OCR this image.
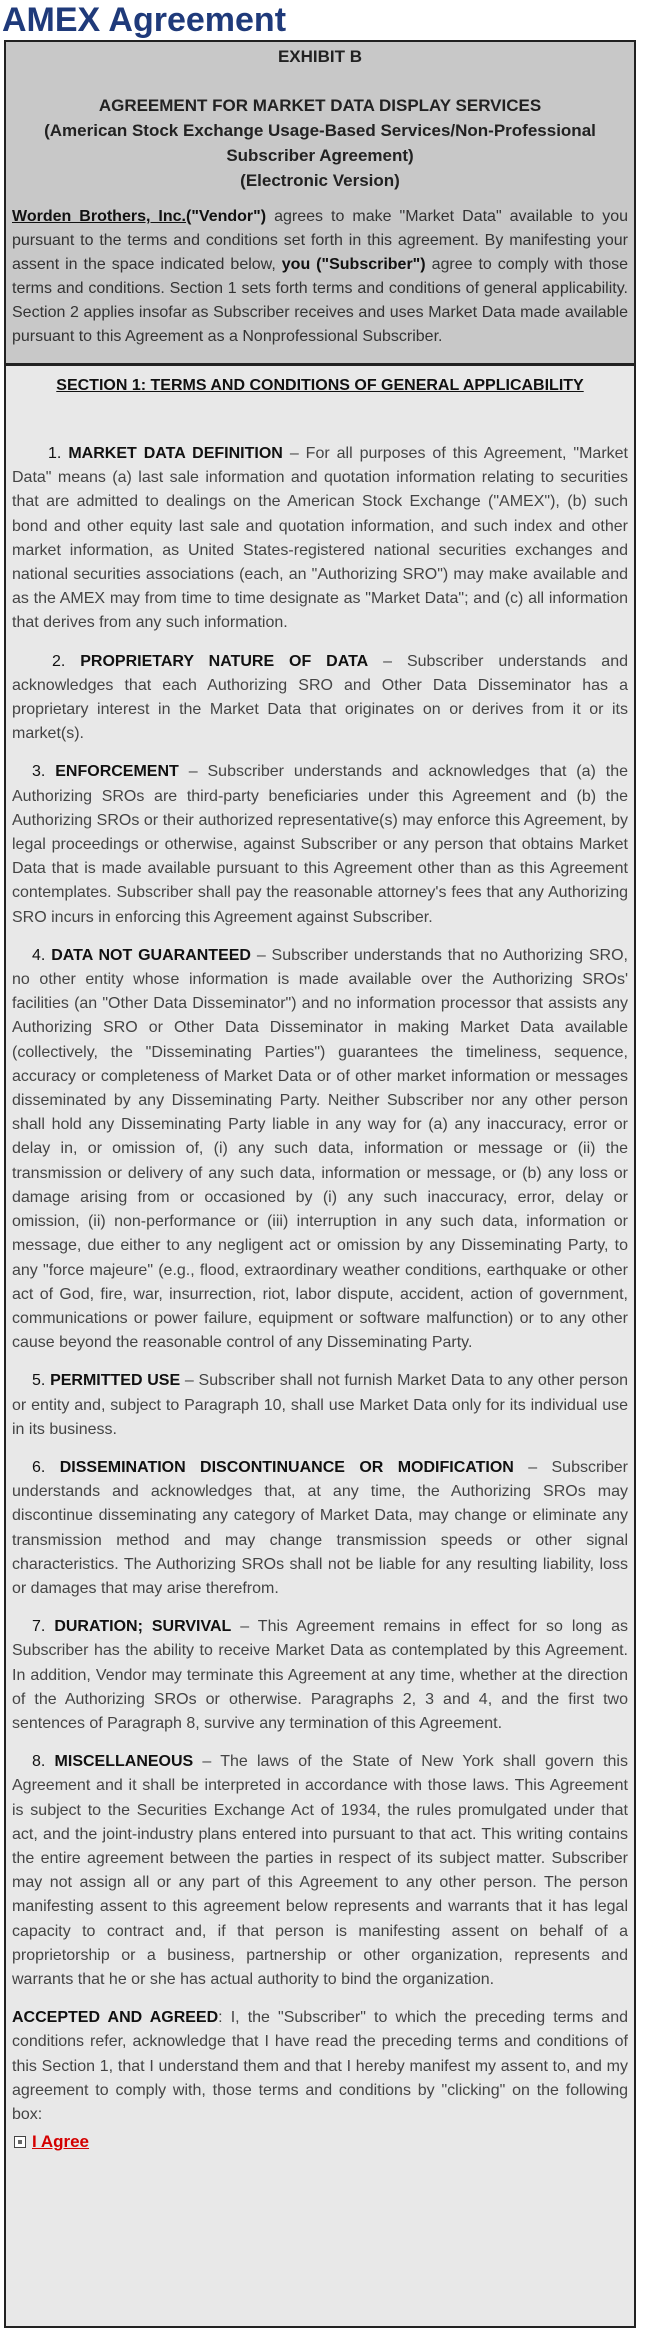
AMEX Agreement

EXHIBIT B

AGREEMENT FOR MARKET DATA DISPLAY SERVICES

(American Stock Exchange Usage-Based Services/Non-Professional

Subscriber Agreement)

(Electronic Version)

Worden Brothers, Inc.("Vendor") agrees to make "Market Data" available to you pursuant to the terms and conditions set forth in this agreement. By manifesting your assent in the space indicated below, you ("Subscriber") agree to comply with those terms and conditions. Section 1 sets forth terms and conditions of general applicability. Section 2 applies insofar as Subscriber receives and uses Market Data made available pursuant to this Agreement as a Nonprofessional Subscriber.

SECTION 1: TERMS AND CONDITIONS OF GENERAL APPLICABILITY

1. MARKET DATA DEFINITION – For all purposes of this Agreement, "Market Data" means (a) last sale information and quotation information relating to securities that are admitted to dealings on the American Stock Exchange ("AMEX"), (b) such bond and other equity last sale and quotation information, and such index and other market information, as United States-registered national securities exchanges and national securities associations (each, an "Authorizing SRO") may make available and as the AMEX may from time to time designate as "Market Data"; and (c) all information that derives from any such information.

2. PROPRIETARY NATURE OF DATA – Subscriber understands and acknowledges that each Authorizing SRO and Other Data Disseminator has a proprietary interest in the Market Data that originates on or derives from it or its market(s).

3. ENFORCEMENT – Subscriber understands and acknowledges that (a) the Authorizing SROs are third-party beneficiaries under this Agreement and (b) the Authorizing SROs or their authorized representative(s) may enforce this Agreement, by legal proceedings or otherwise, against Subscriber or any person that obtains Market Data that is made available pursuant to this Agreement other than as this Agreement contemplates. Subscriber shall pay the reasonable attorney's fees that any Authorizing SRO incurs in enforcing this Agreement against Subscriber.

4. DATA NOT GUARANTEED – Subscriber understands that no Authorizing SRO, no other entity whose information is made available over the Authorizing SROs' facilities (an "Other Data Disseminator") and no information processor that assists any Authorizing SRO or Other Data Disseminator in making Market Data available (collectively, the "Disseminating Parties") guarantees the timeliness, sequence, accuracy or completeness of Market Data or of other market information or messages disseminated by any Disseminating Party. Neither Subscriber nor any other person shall hold any Disseminating Party liable in any way for (a) any inaccuracy, error or delay in, or omission of, (i) any such data, information or message or (ii) the transmission or delivery of any such data, information or message, or (b) any loss or damage arising from or occasioned by (i) any such inaccuracy, error, delay or omission, (ii) non-performance or (iii) interruption in any such data, information or message, due either to any negligent act or omission by any Disseminating Party, to any "force majeure" (e.g., flood, extraordinary weather conditions, earthquake or other act of God, fire, war, insurrection, riot, labor dispute, accident, action of government, communications or power failure, equipment or software malfunction) or to any other cause beyond the reasonable control of any Disseminating Party.

5. PERMITTED USE – Subscriber shall not furnish Market Data to any other person or entity and, subject to Paragraph 10, shall use Market Data only for its individual use in its business.

6. DISSEMINATION DISCONTINUANCE OR MODIFICATION – Subscriber understands and acknowledges that, at any time, the Authorizing SROs may discontinue disseminating any category of Market Data, may change or eliminate any transmission method and may change transmission speeds or other signal characteristics. The Authorizing SROs shall not be liable for any resulting liability, loss or damages that may arise therefrom.

7. DURATION; SURVIVAL – This Agreement remains in effect for so long as Subscriber has the ability to receive Market Data as contemplated by this Agreement. In addition, Vendor may terminate this Agreement at any time, whether at the direction of the Authorizing SROs or otherwise. Paragraphs 2, 3 and 4, and the first two sentences of Paragraph 8, survive any termination of this Agreement.

8. MISCELLANEOUS – The laws of the State of New York shall govern this Agreement and it shall be interpreted in accordance with those laws. This Agreement is subject to the Securities Exchange Act of 1934, the rules promulgated under that act, and the joint-industry plans entered into pursuant to that act. This writing contains the entire agreement between the parties in respect of its subject matter. Subscriber may not assign all or any part of this Agreement to any other person. The person manifesting assent to this agreement below represents and warrants that it has legal capacity to contract and, if that person is manifesting assent on behalf of a proprietorship or a business, partnership or other organization, represents and warrants that he or she has actual authority to bind the organization.

ACCEPTED AND AGREED: I, the "Subscriber" to which the preceding terms and conditions refer, acknowledge that I have read the preceding terms and conditions of this Section 1, that I understand them and that I hereby manifest my assent to, and my agreement to comply with, those terms and conditions by "clicking" on the following box:

I Agree
